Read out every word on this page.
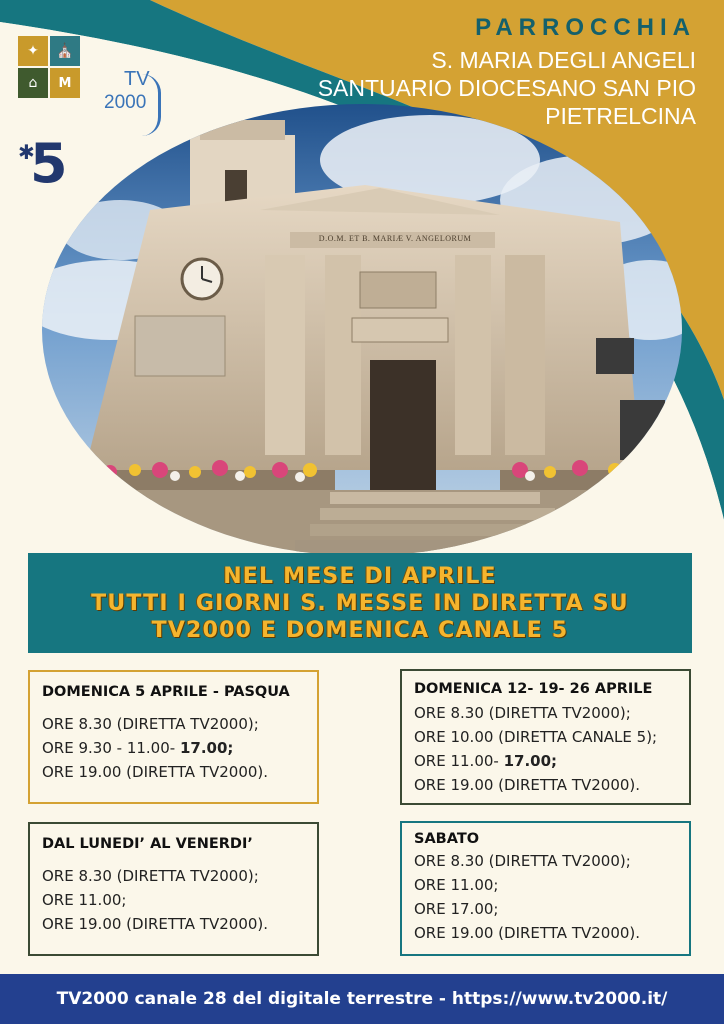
D.O.M. ET B. MARIÆ V. ANGELORUM
✦	⛪
⌂	M	TV
2000
✱
5
PARROCCHIA
S. MARIA DEGLI ANGELI
SANTUARIO DIOCESANO SAN PIO
PIETRELCINA
NEL MESE DI APRILE
TUTTI I GIORNI S. MESSE IN DIRETTA SU
TV2000 E DOMENICA CANALE 5
DOMENICA 5 APRILE - PASQUA
ORE 8.30 (DIRETTA TV2000);
ORE 9.30 - 11.00- 17.00;
ORE 19.00 (DIRETTA TV2000).
DOMENICA 12- 19- 26 APRILE
ORE 8.30 (DIRETTA TV2000);
ORE 10.00 (DIRETTA CANALE 5);
ORE 11.00- 17.00;
ORE 19.00 (DIRETTA TV2000).
DAL LUNEDI’ AL VENERDI’
ORE 8.30 (DIRETTA TV2000);
ORE 11.00;
ORE 19.00 (DIRETTA TV2000).
SABATO
ORE 8.30 (DIRETTA TV2000);
ORE 11.00;
ORE 17.00;
ORE 19.00 (DIRETTA TV2000).
TV2000 canale 28 del digitale terrestre - https://www.tv2000.it/
